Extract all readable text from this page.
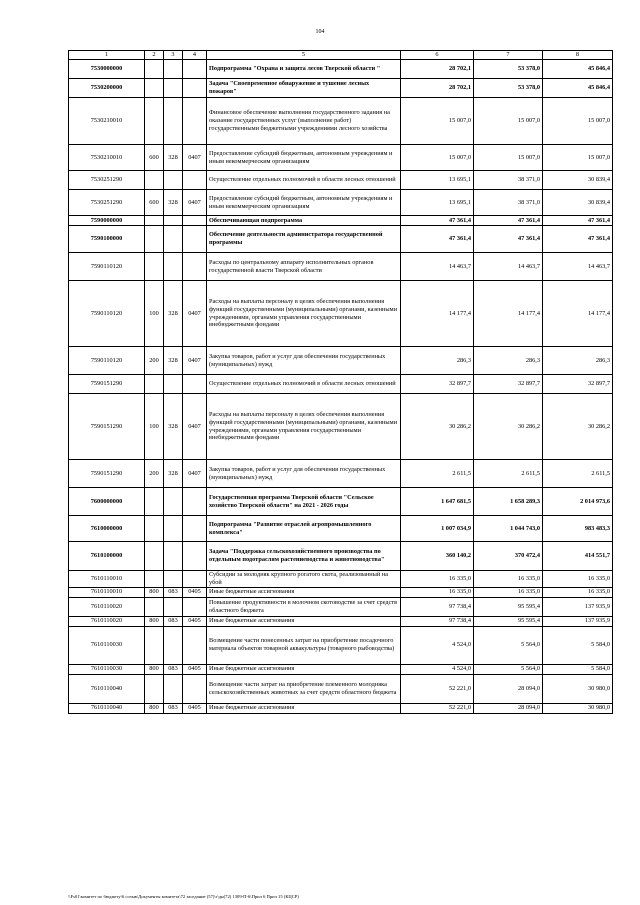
104
1	2	3	4	5	6	7	8
7530000000				Подпрограмма "Охрана и защита лесов Тверской области "	28 702,1	53 378,0	45 846,4
7530200000				Задача "Своевременное обнаружение и тушение лесных пожаров"	28 702,1	53 378,0	45 846,4
7530210010				Финансовое обеспечение выполнения государственного задания на оказание государственных услуг (выполнение работ) государственными бюджетными учреждениями лесного хозяйства	15 007,0	15 007,0	15 007,0
7530210010	600	328	0407	Предоставление субсидий бюджетным, автономным учреждениям и иным некоммерческим организациям	15 007,0	15 007,0	15 007,0
7530251290				Осуществление отдельных полномочий в области лесных отношений	13 695,1	38 371,0	30 839,4
7530251290	600	328	0407	Предоставление субсидий бюджетным, автономным учреждениям и иным некоммерческим организациям	13 695,1	38 371,0	30 839,4
7590000000				Обеспечивающая подпрограмма	47 361,4	47 361,4	47 361,4
7590100000				Обеспечение деятельности администратора государственной программы	47 361,4	47 361,4	47 361,4
7590110120				Расходы по центральному аппарату исполнительных органов государственной власти Тверской области	14 463,7	14 463,7	14 463,7
7590110120	100	328	0407	Расходы на выплаты персоналу в целях обеспечения выполнения функций государственными (муниципальными) органами, казенными учреждениями, органами управления государственными внебюджетными фондами	14 177,4	14 177,4	14 177,4
7590110120	200	328	0407	Закупка товаров, работ и услуг для обеспечения государственных (муниципальных) нужд	286,3	286,3	286,3
7590151290				Осуществление отдельных полномочий в области лесных отношений	32 897,7	32 897,7	32 897,7
7590151290	100	328	0407	Расходы на выплаты персоналу в целях обеспечения выполнения функций государственными (муниципальными) органами, казенными учреждениями, органами управления государственными внебюджетными фондами	30 286,2	30 286,2	30 286,2
7590151290	200	328	0407	Закупка товаров, работ и услуг для обеспечения государственных (муниципальных) нужд	2 611,5	2 611,5	2 611,5
7600000000				Государственная программа Тверской области "Сельское хозяйство Тверской области" на 2021 - 2026 годы	1 647 681,5	1 658 289,3	2 014 973,6
7610000000				Подпрограмма "Развитие отраслей агропромышленного комплекса"	1 007 034,9	1 044 743,0	983 483,3
7610100000				Задача "Поддержка сельскохозяйственного производства по отдельным подотраслям растениеводства и животноводства"	360 140,2	370 472,4	414 551,7
7610110010				Субсидии за молодняк крупного рогатого скота, реализованный на убой	16 335,0	16 335,0	16 335,0
7610110010	800	083	0405	Иные бюджетные ассигнования	16 335,0	16 335,0	16 335,0
7610110020				Повышение продуктивности в молочном скотоводстве за счет средств областного бюджета	97 738,4	95 595,4	137 935,9
7610110020	800	083	0405	Иные бюджетные ассигнования	97 738,4	95 595,4	137 935,9
7610110030				Возмещение части понесенных затрат на приобретение посадочного материала объектов товарной аквакультуры (товарного рыбоводства)	4 524,0	5 564,0	5 584,0
7610110030	800	083	0405	Иные бюджетные ассигнования	4 524,0	5 564,0	5 584,0
7610110040				Возмещение части затрат на приобретение племенного молодняка сельскохозяйственных животных за счет средств областного бюджета	52 221,0	28 094,0	30 980,0
7610110040	800	083	0405	Иные бюджетные ассигнования	52 221,0	28 094,0	30 980,0
\\Fs01\комитет по бюджету\6 созыв\Документы комитета\72 заседание (57)\г\дн(72) 1309-П-6\Прил 6 Прил 15 (КЦСР)
